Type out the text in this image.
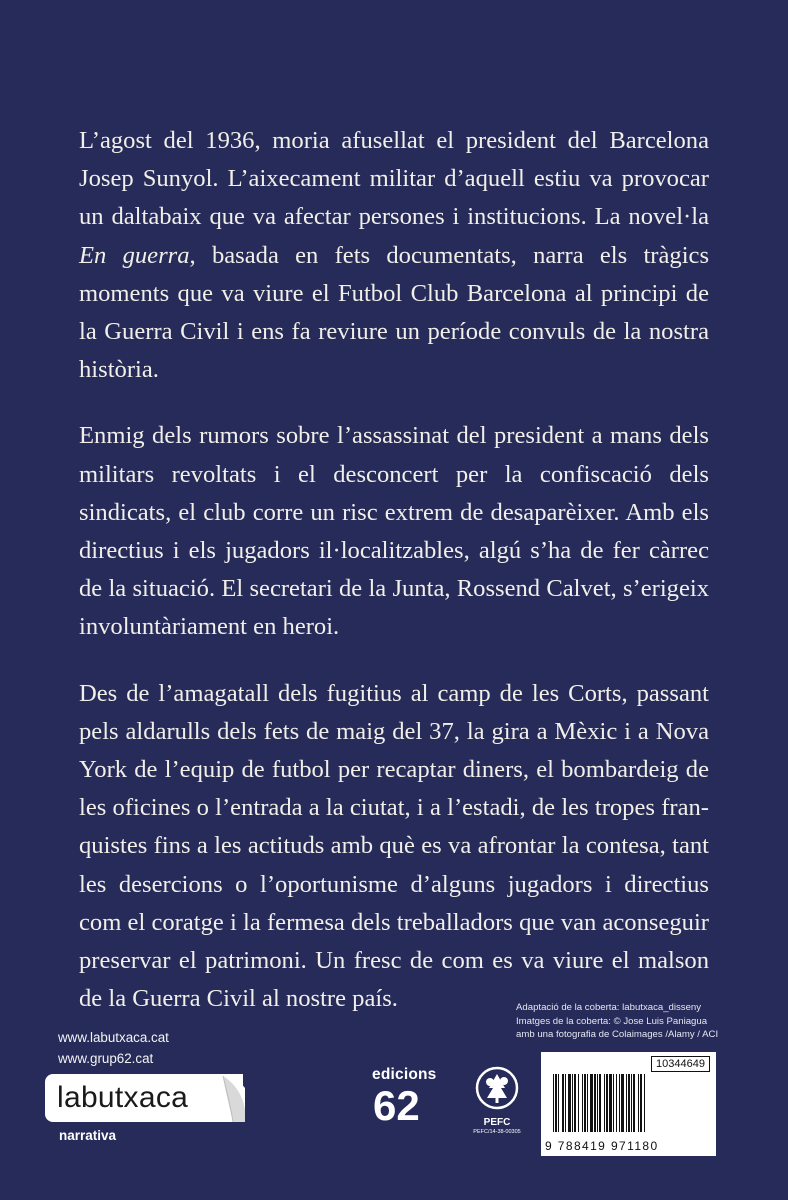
L’agost del 1936, moria afusellat el president del Barcelona Josep Sunyol. L’aixecament militar d’aquell estiu va provocar un daltabaix que va afectar persones i institucions. La novel·la En guerra, basada en fets documentats, narra els tràgics moments que va viure el Futbol Club Barcelona al principi de la Guerra Civil i ens fa reviure un període convuls de la nostra història.

Enmig dels rumors sobre l’assassinat del president a mans dels militars revoltats i el desconcert per la confiscació dels sindicats, el club corre un risc extrem de desaparèixer. Amb els directius i els jugadors il·localitzables, algú s’ha de fer càrrec de la situació. El secretari de la Junta, Rossend Calvet, s’erigeix involuntàriament en heroi.

Des de l’amagatall dels fugitius al camp de les Corts, passant pels aldarulls dels fets de maig del 37, la gira a Mèxic i a Nova York de l’equip de futbol per recaptar diners, el bombardeig de les oficines o l’entrada a la ciutat, i a l’estadi, de les tropes franquistes fins a les actituds amb què es va afrontar la contesa, tant les desercions o l’oportunisme d’alguns jugadors i directius com el coratge i la fermesa dels treballadors que van aconseguir preservar el patrimoni. Un fresc de com es va viure el malson de la Guerra Civil al nostre país.	Adaptació de la coberta: labutxaca_disseny
Imatges de la coberta: © Jose Luis Paniagua
amb una fotografia de Colaimages /Alamy / ACI
www.labutxaca.cat
www.grup62.cat
labutxaca
narrativa
edicions
62	PEFC
PEFC/14-38-00305
10344649
9 788419 971180
